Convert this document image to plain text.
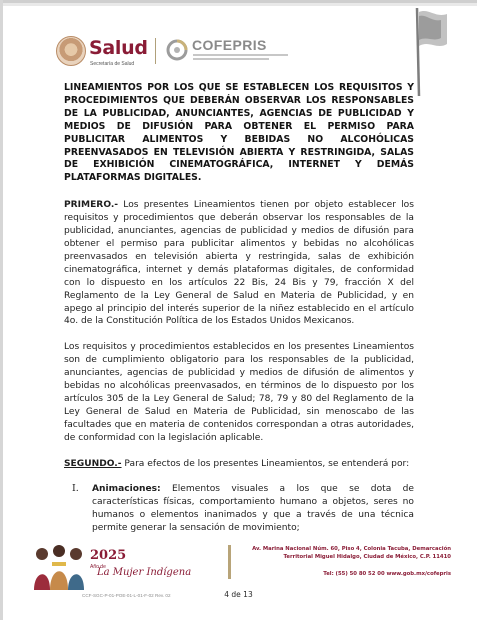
Salud
Secretaría de Salud
COFEPRIS

LINEAMIENTOS POR LOS QUE SE ESTABLECEN LOS REQUISITOS Y PROCEDIMIENTOS QUE DEBERÁN OBSERVAR LOS RESPONSABLES DE LA PUBLICIDAD, ANUNCIANTES, AGENCIAS DE PUBLICIDAD Y MEDIOS DE DIFUSIÓN PARA OBTENER EL PERMISO PARA PUBLICITAR ALIMENTOS Y BEBIDAS NO ALCOHÓLICAS PREENVASADOS EN TELEVISIÓN ABIERTA Y RESTRINGIDA, SALAS DE EXHIBICIÓN CINEMATOGRÁFICA, INTERNET Y DEMÁS PLATAFORMAS DIGITALES.

PRIMERO.- Los presentes Lineamientos tienen por objeto establecer los requisitos y procedimientos que deberán observar los responsables de la publicidad, anunciantes, agencias de publicidad y medios de difusión para obtener el permiso para publicitar alimentos y bebidas no alcohólicas preenvasados en televisión abierta y restringida, salas de exhibición cinematográfica, internet y demás plataformas digitales, de conformidad con lo dispuesto en los artículos 22 Bis, 24 Bis y 79, fracción X del Reglamento de la Ley General de Salud en Materia de Publicidad, y en apego al principio del interés superior de la niñez establecido en el artículo 4o. de la Constitución Política de los Estados Unidos Mexicanos.

Los requisitos y procedimientos establecidos en los presentes Lineamientos son de cumplimiento obligatorio para los responsables de la publicidad, anunciantes, agencias de publicidad y medios de difusión de alimentos y bebidas no alcohólicas preenvasados, en términos de lo dispuesto por los artículos 305 de la Ley General de Salud; 78, 79 y 80 del Reglamento de la Ley General de Salud en Materia de Publicidad, sin menoscabo de las facultades que en materia de contenidos correspondan a otras autoridades, de conformidad con la legislación aplicable.

SEGUNDO.- Para efectos de los presentes Lineamientos, se entenderá por:

I. Animaciones: Elementos visuales a los que se dota de características físicas, comportamiento humano a objetos, seres no humanos o elementos inanimados y que a través de una técnica permite generar la sensación de movimiento;
2025
Año de
La Mujer Indígena
Av. Marina Nacional Núm. 60, Piso 4, Colonia Tacuba, Demarcación
Territorial Miguel Hidalgo, Ciudad de México, C.P. 11410
Tel: (55) 50 80 52 00 www.gob.mx/cofepris
CCF-SGC-P-01-POE-01-L-01-F-02 Rev. 02	4 de 13
